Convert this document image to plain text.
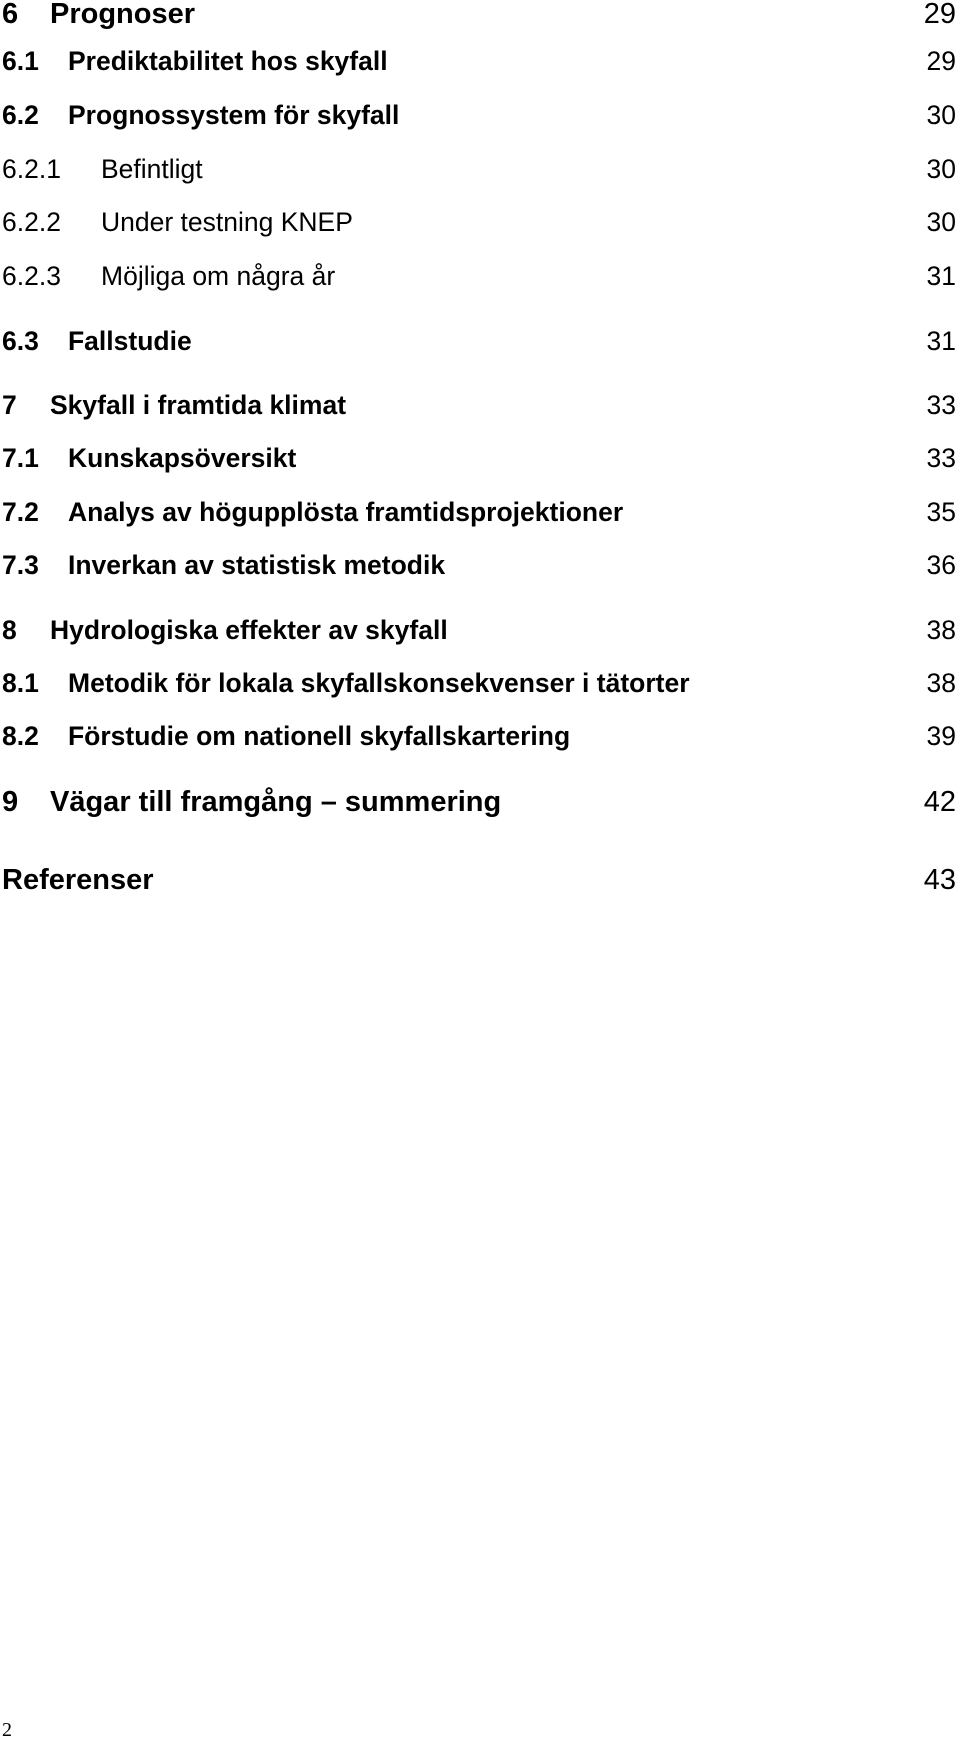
6 Prognoser	29
6.1 Prediktabilitet hos skyfall	29
6.2 Prognossystem för skyfall	30
6.2.1 Befintligt	30
6.2.2 Under testning KNEP	30
6.2.3 Möjliga om några år	31
6.3 Fallstudie	31
7 Skyfall i framtida klimat	33
7.1 Kunskapsöversikt	33
7.2 Analys av högupplösta framtidsprojektioner	35
7.3 Inverkan av statistisk metodik	36
8 Hydrologiska effekter av skyfall	38
8.1 Metodik för lokala skyfallskonsekvenser i tätorter	38
8.2 Förstudie om nationell skyfallskartering	39
9 Vägar till framgång – summering	42
Referenser	43
2
